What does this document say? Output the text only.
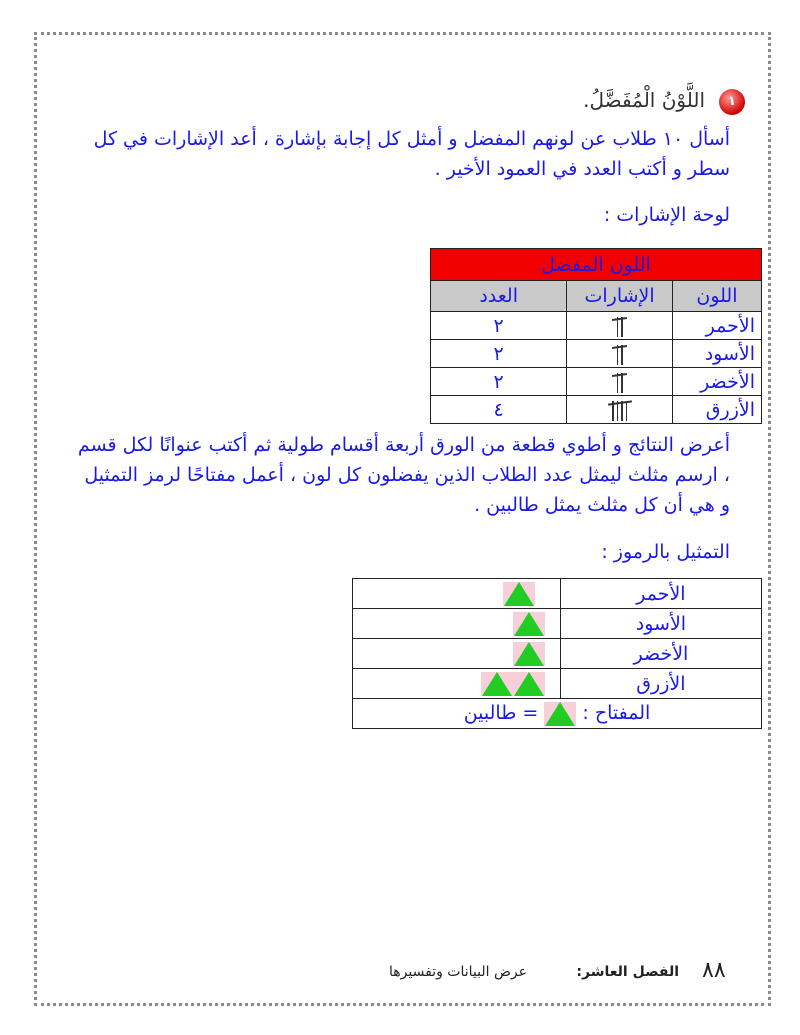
١
اللَّوْنُ الْمُفَضَّلُ.
أسأل ١٠ طلاب عن لونهم المفضل و أمثل كل إجابة بإشارة ، أعد الإشارات في كل سطر و أكتب العدد في العمود الأخير .
لوحة الإشارات :
اللون المفضل		
اللون	الإشارات	العدد
الأحمر		٢
الأسود		٢
الأخضر		٢
الأزرق		٤
أعرض النتائج و أطوي قطعة من الورق أربعة أقسام طولية ثم أكتب عنوانًا لكل قسم ، ارسم مثلث ليمثل عدد الطلاب الذين يفضلون كل لون ، أعمل مفتاحًا لرمز التمثيل و هي أن كل مثلث يمثل طالبين .
التمثيل بالرموز :
الأحمر	
الأسود	
الأخضر	
الأزرق	
المفتاح :  = طالبين	
٨٨
الفصل العاشر:
عرض البيانات وتفسيرها
